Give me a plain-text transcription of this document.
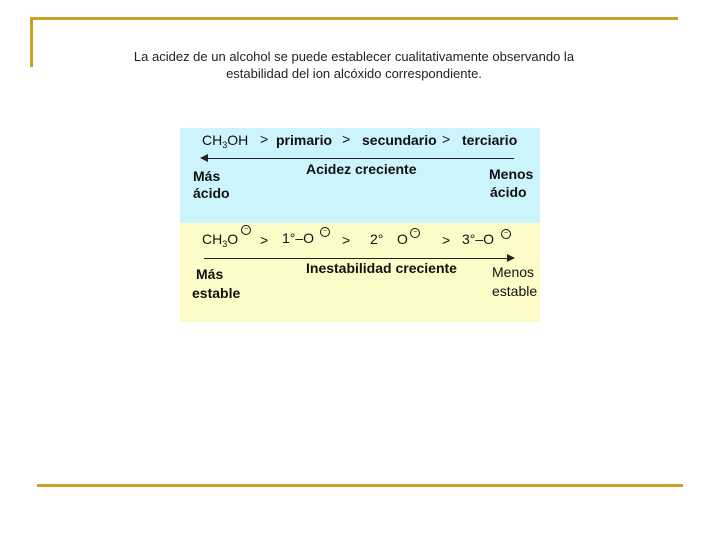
La acidez de un alcohol se puede establecer cualitativamente observando la
estabilidad del ion alcóxido correspondiente.
$CH_3OH$ > primario > secundario > terciario
Acidez creciente
Más
ácido
Menos
ácido
$CH_3O$
−
> 1°–O	−
> 2° O − > 3°–O	−
Inestabilidad creciente
Más
estable
Menos
estable
